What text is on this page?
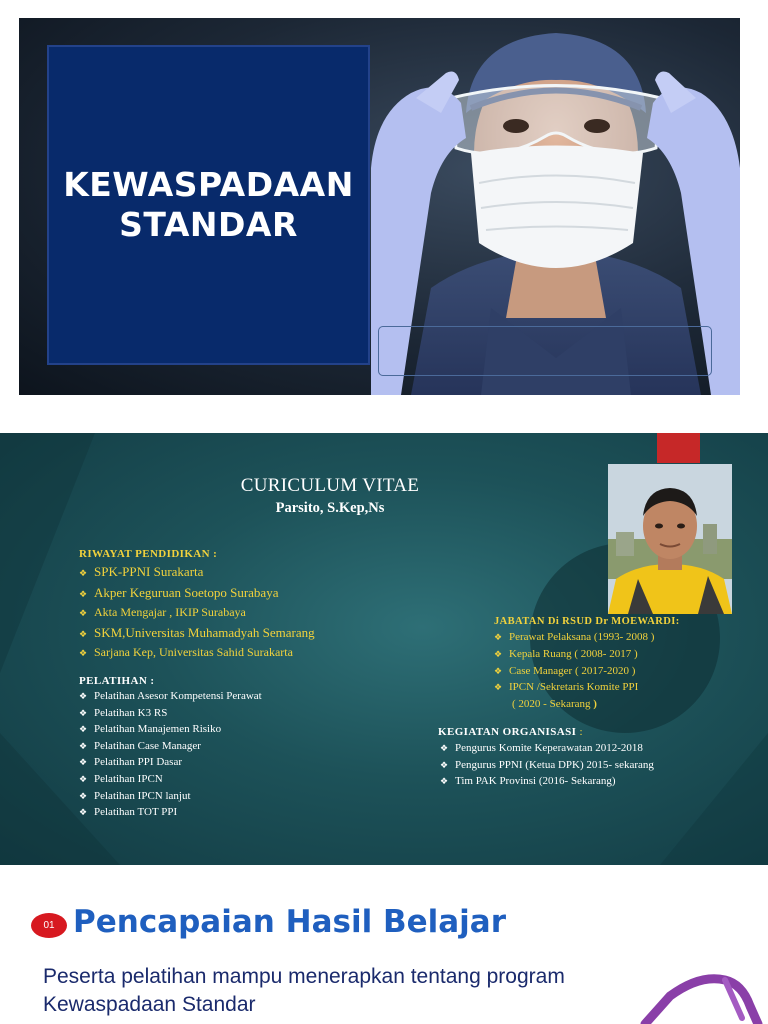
KEWASPADAAN STANDAR
CURICULUM VITAE
Parsito, S.Kep,Ns
RIWAYAT PENDIDIKAN :
❖ SPK-PPNI Surakarta
❖ Akper Keguruan Soetopo Surabaya
❖ Akta Mengajar , IKIP Surabaya
❖ SKM,Universitas Muhamadyah Semarang
❖ Sarjana Kep, Universitas Sahid Surakarta
PELATIHAN :
❖ Pelatihan Asesor Kompetensi Perawat
❖ Pelatihan K3 RS
❖ Pelatihan Manajemen Risiko
❖ Pelatihan Case Manager
❖ Pelatihan PPI Dasar
❖ Pelatihan IPCN
❖ Pelatihan IPCN lanjut
❖ Pelatihan TOT PPI
JABATAN Di RSUD Dr MOEWARDI:
❖ Perawat Pelaksana (1993- 2008 )
❖ Kepala Ruang ( 2008- 2017 )
❖ Case Manager ( 2017-2020 )
❖ IPCN /Sekretaris Komite PPI
( 2020 - Sekarang )
KEGIATAN ORGANISASI :
❖ Pengurus Komite Keperawatan 2012-2018
❖ Pengurus PPNI (Ketua DPK) 2015- sekarang
❖ Tim PAK Provinsi (2016- Sekarang)
01 Pencapaian Hasil Belajar
Peserta pelatihan mampu menerapkan tentang program Kewaspadaan Standar
